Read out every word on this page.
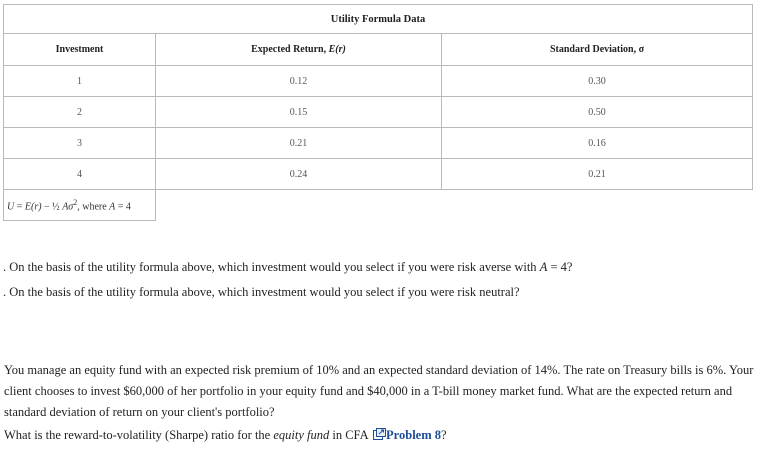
Utility Formula Data		
Investment	Expected Return, E(r)	Standard Deviation, σ
1	0.12	0.30
2	0.15	0.50
3	0.21	0.16
4	0.24	0.21
U = E(r) − ½ $A\sigma^2$, where A = 4		
. On the basis of the utility formula above, which investment would you select if you were risk averse with A = 4?
. On the basis of the utility formula above, which investment would you select if you were risk neutral?
You manage an equity fund with an expected risk premium of 10% and an expected standard deviation of 14%. The rate on Treasury bills is 6%. Your client chooses to invest $60,000 of her portfolio in your equity fund and $40,000 in a T-bill money market fund. What are the expected return and standard deviation of return on your client's portfolio?
What is the reward-to-volatility (Sharpe) ratio for the equity fund in CFA Problem 8?
